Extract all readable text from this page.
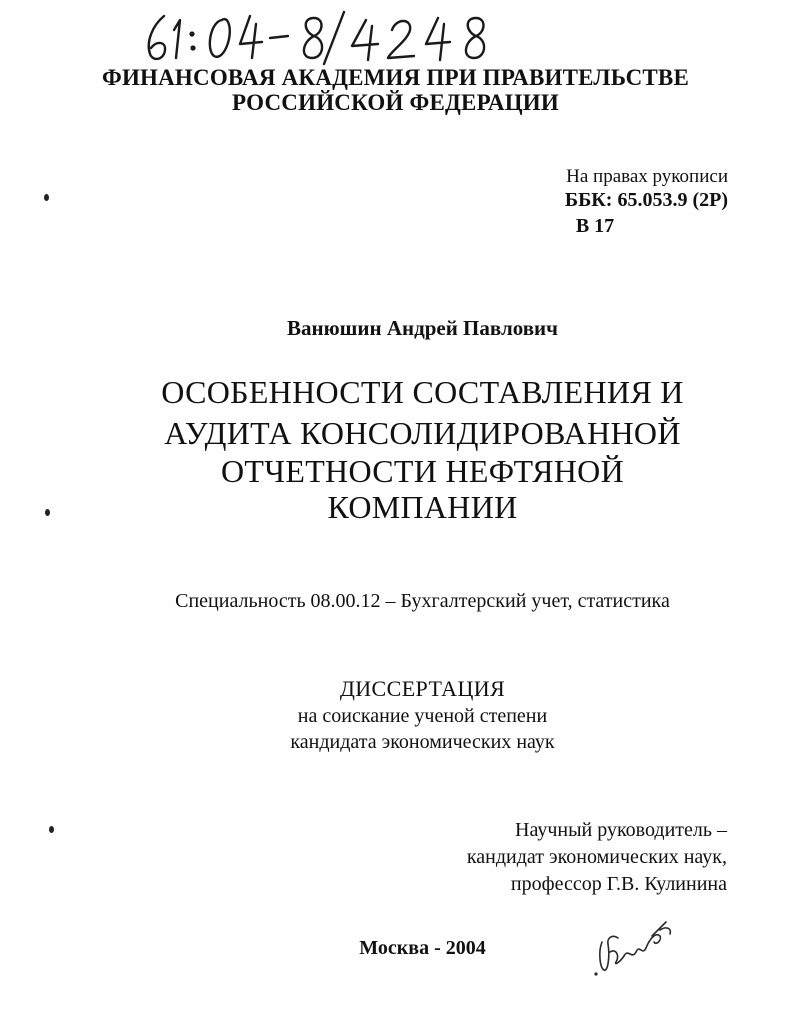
ФИНАНСОВАЯ АКАДЕМИЯ ПРИ ПРАВИТЕЛЬСТВЕ
РОССИЙСКОЙ ФЕДЕРАЦИИ
На правах рукописи
ББК: 65.053.9 (2Р)
В 17
Ванюшин Андрей Павлович
ОСОБЕННОСТИ СОСТАВЛЕНИЯ И
АУДИТА КОНСОЛИДИРОВАННОЙ
ОТЧЕТНОСТИ НЕФТЯНОЙ
КОМПАНИИ
Специальность 08.00.12 – Бухгалтерский учет, статистика
ДИССЕРТАЦИЯ
на соискание ученой степени
кандидата экономических наук
Научный руководитель –
кандидат экономических наук,
профессор Г.В. Кулинина
Москва - 2004
